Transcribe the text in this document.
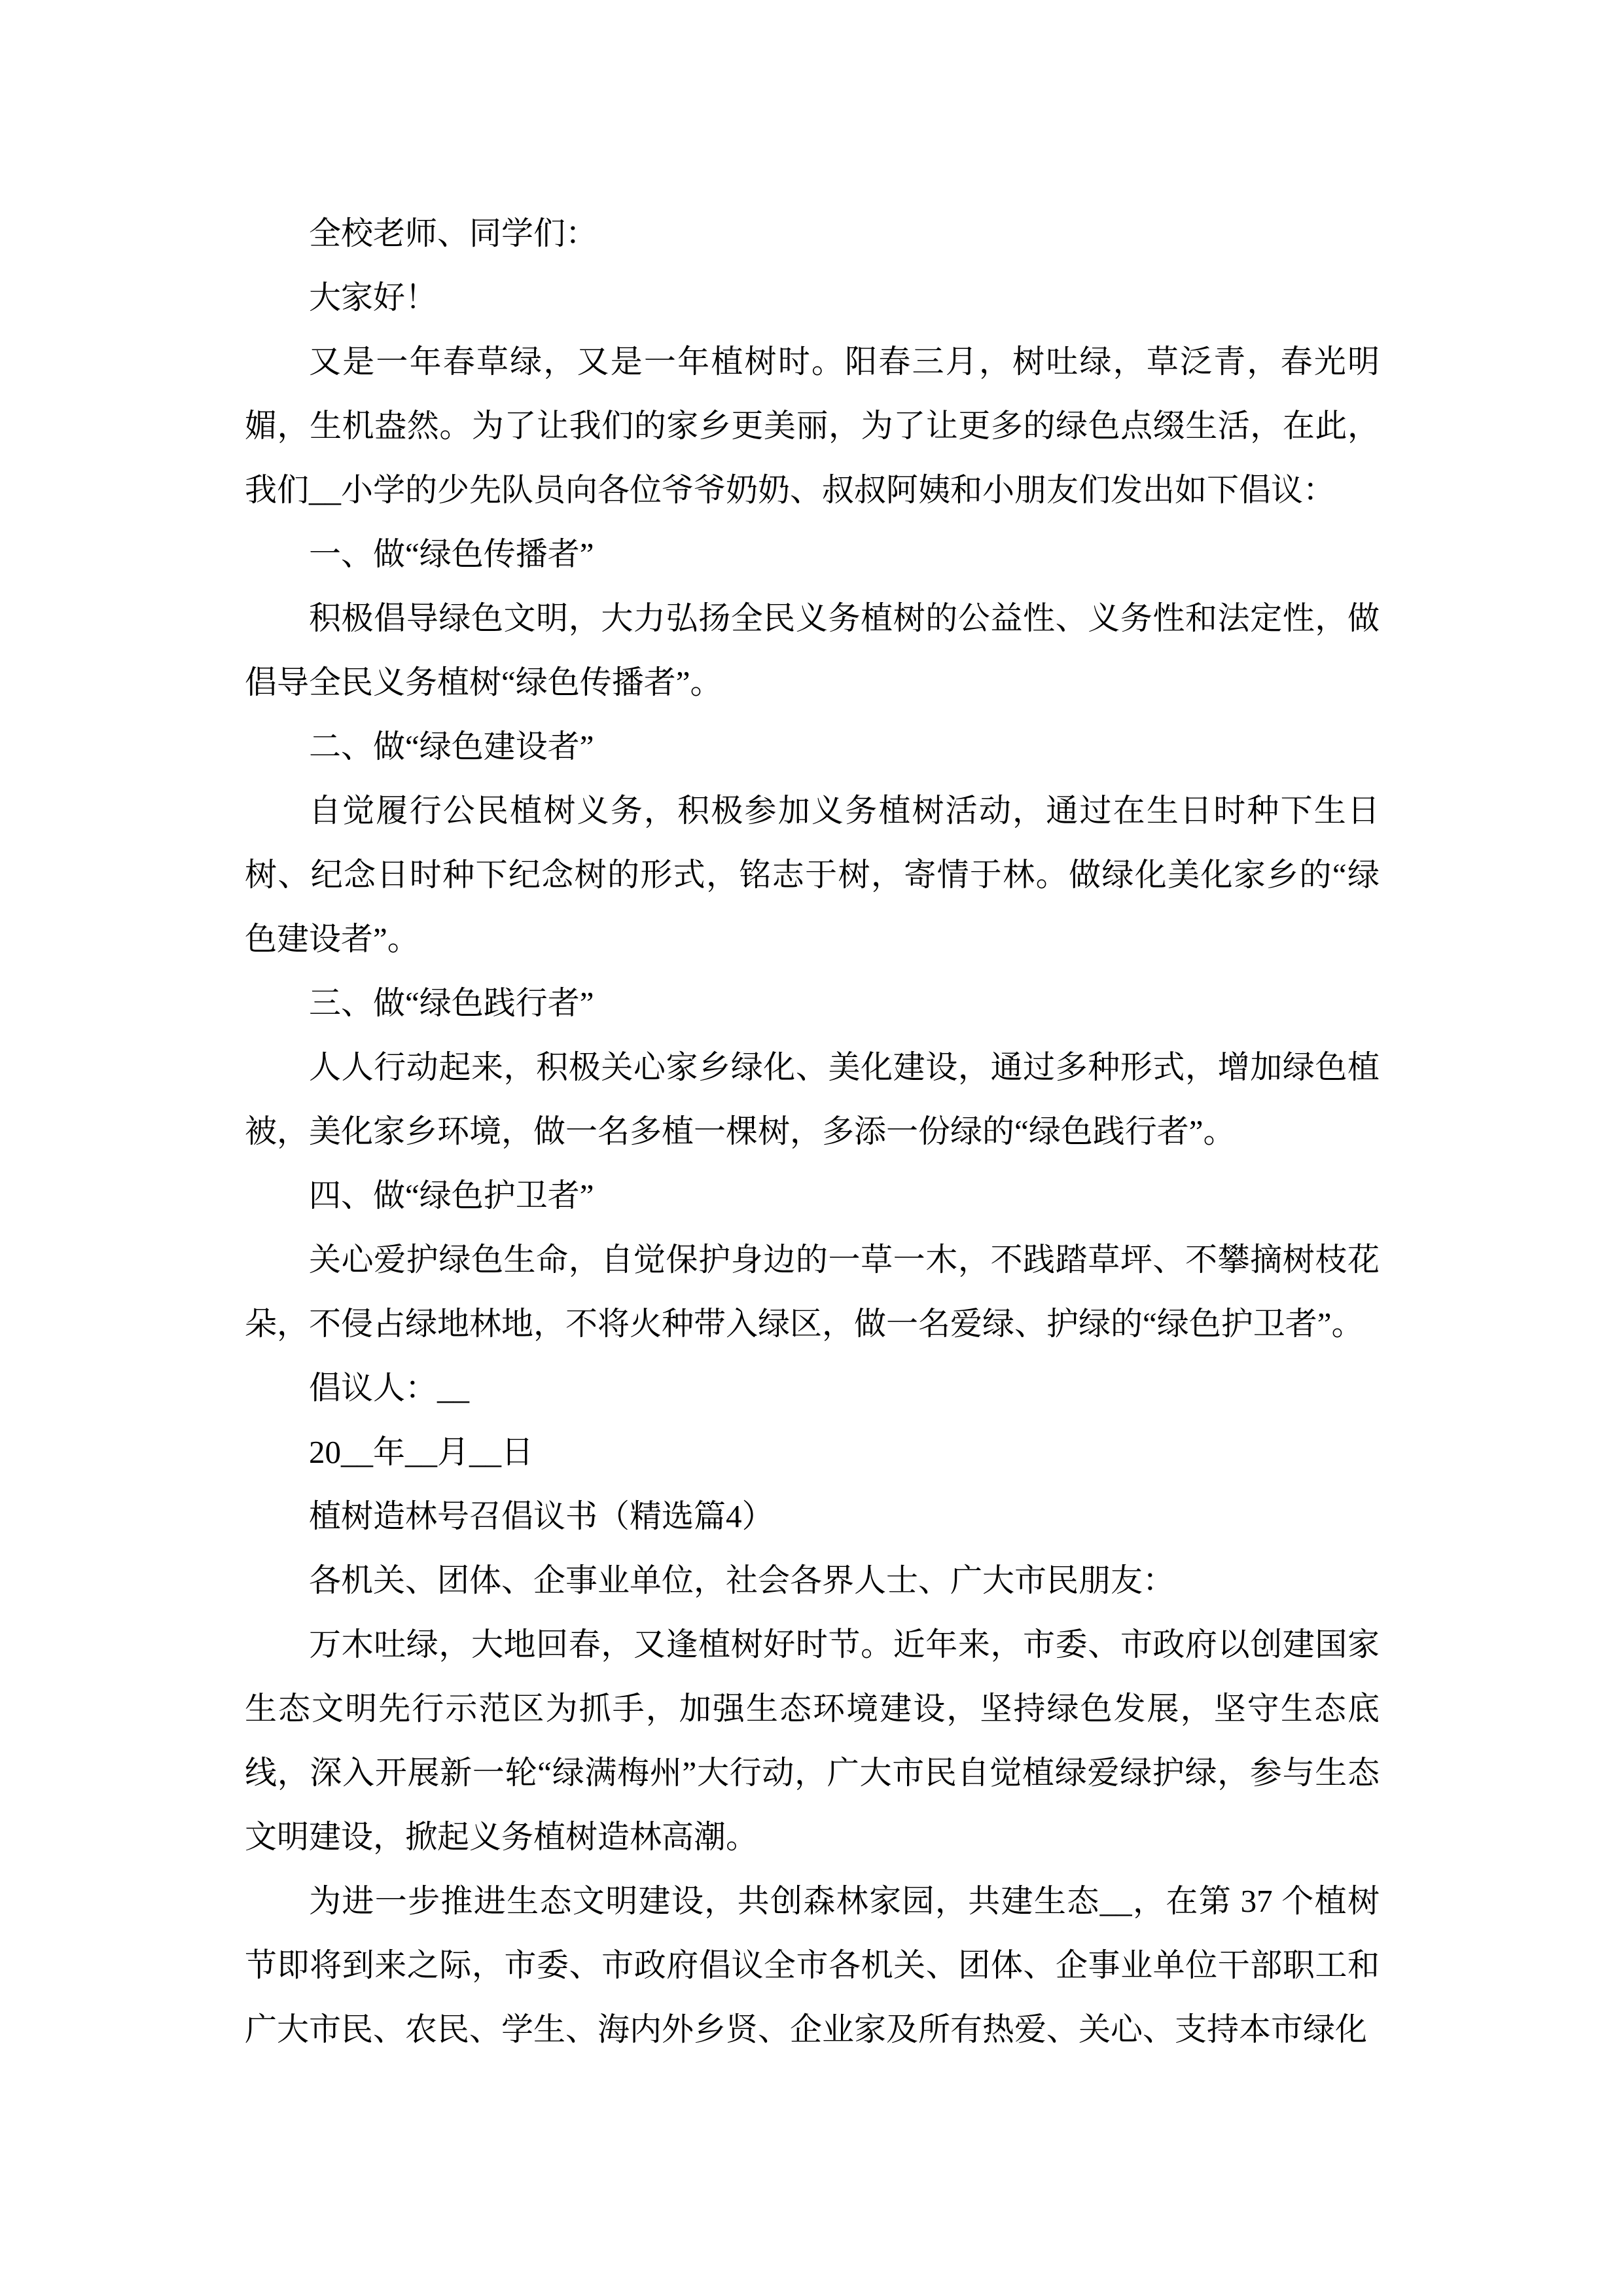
全校老师、同学们：

大家好！

又是一年春草绿，又是一年植树时。阳春三月，树吐绿，草泛青，春光明媚，生机盎然。为了让我们的家乡更美丽，为了让更多的绿色点缀生活，在此，我们__小学的少先队员向各位爷爷奶奶、叔叔阿姨和小朋友们发出如下倡议：

一、做“绿色传播者”

积极倡导绿色文明，大力弘扬全民义务植树的公益性、义务性和法定性，做倡导全民义务植树“绿色传播者”。

二、做“绿色建设者”

自觉履行公民植树义务，积极参加义务植树活动，通过在生日时种下生日树、纪念日时种下纪念树的形式，铭志于树，寄情于林。做绿化美化家乡的“绿色建设者”。

三、做“绿色践行者”

人人行动起来，积极关心家乡绿化、美化建设，通过多种形式，增加绿色植被，美化家乡环境，做一名多植一棵树，多添一份绿的“绿色践行者”。

四、做“绿色护卫者”

关心爱护绿色生命，自觉保护身边的一草一木，不践踏草坪、不攀摘树枝花朵，不侵占绿地林地，不将火种带入绿区，做一名爱绿、护绿的“绿色护卫者”。

倡议人：__

20__年__月__日

植树造林号召倡议书（精选篇4）

各机关、团体、企事业单位，社会各界人士、广大市民朋友：

万木吐绿，大地回春，又逢植树好时节。近年来，市委、市政府以创建国家生态文明先行示范区为抓手，加强生态环境建设，坚持绿色发展，坚守生态底线，深入开展新一轮“绿满梅州”大行动，广大市民自觉植绿爱绿护绿，参与生态文明建设，掀起义务植树造林高潮。

为进一步推进生态文明建设，共创森林家园，共建生态__，在第 37 个植树节即将到来之际，市委、市政府倡议全市各机关、团体、企事业单位干部职工和广大市民、农民、学生、海内外乡贤、企业家及所有热爱、关心、支持本市绿化
